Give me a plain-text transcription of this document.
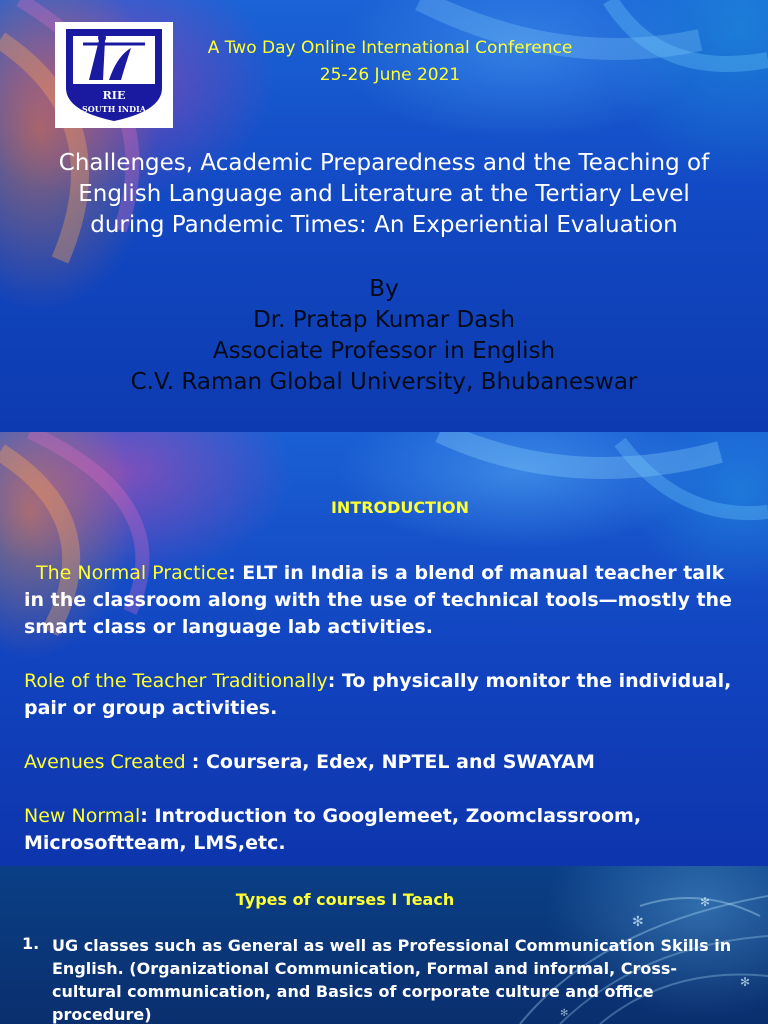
RIE
SOUTH INDIA
A Two Day Online International Conference
25-26 June 2021
Challenges, Academic Preparedness and the Teaching of
English Language and Literature at the Tertiary Level
during Pandemic Times: An Experiential Evaluation
By
Dr. Pratap Kumar Dash
Associate Professor in English
C.V. Raman Global University, Bhubaneswar
INTRODUCTION
The Normal Practice: ELT in India is a blend of manual teacher talk in the classroom along with the use of technical tools—mostly the smart class or language lab activities.
Role of the Teacher Traditionally: To physically monitor the individual, pair or group activities.
Avenues Created : Coursera, Edex, NPTEL and SWAYAM
New Normal: Introduction to Googlemeet, Zoomclassroom, Microsoftteam, LMS,etc.
✻
✻
✻
✻
Types of courses I Teach
1. UG classes such as General as well as Professional Communication Skills in English. (Organizational Communication, Formal and informal, Cross-cultural communication, and Basics of corporate culture and office procedure)
